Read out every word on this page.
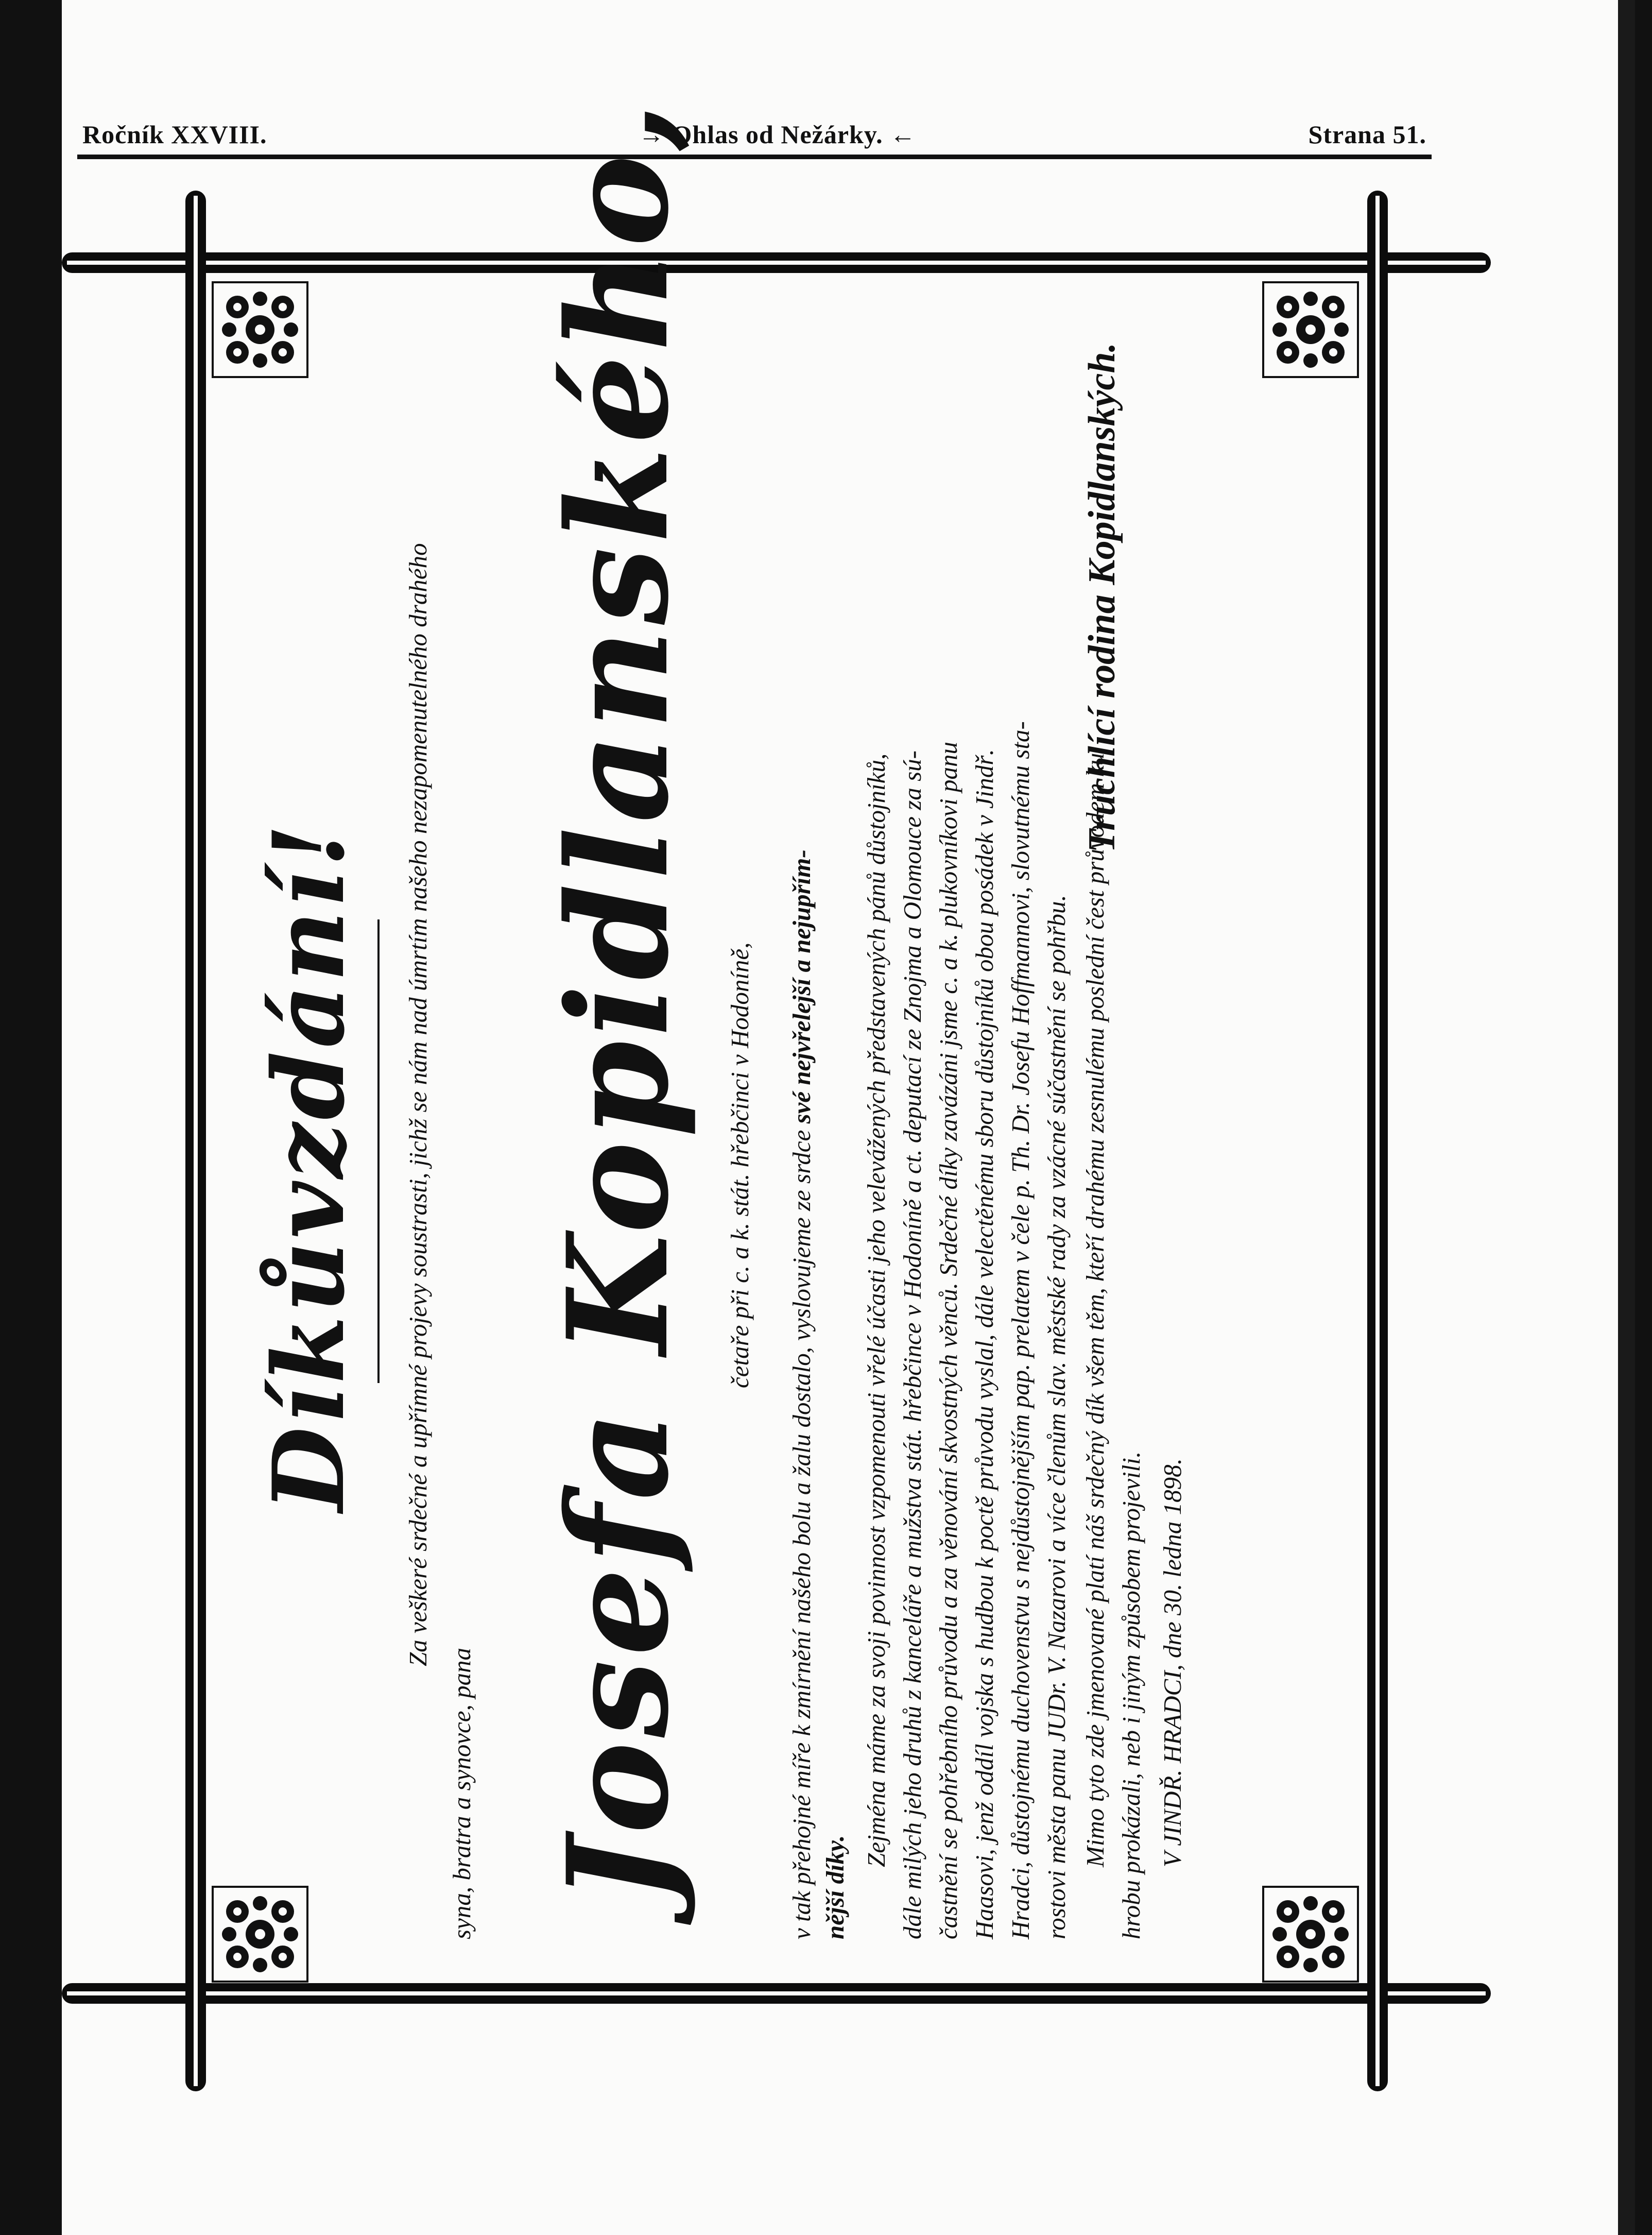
Ročník XXVIII.	→ Ohlas od Nežárky. ←	Strana 51.
Díkůvzdání! Za veškeré srdečné a upřímné projevy soustrasti, jichž se nám nad úmrtím našeho nezapomenutelného drahého
syna, bratra a synovce, pana Josefa Kopidlanského, četaře při c. a k. stát. hřebčinci v Hodoníně, v tak přehojné míře k zmírnění našeho bolu a žalu dostalo, vyslovujeme ze srdce své nejvřelejší a nejupřím-
nější díky.
Zejména máme za svoji povinnost vzpomenouti vřelé účasti jeho velevážených představených pánů důstojníků, dále milých jeho druhů z kanceláře a mužstva stát. hřebčince v Hodoníně a ct. deputací ze Znojma a Olomouce za sú- častnění se pohřebního průvodu a za věnování skvostných věnců. Srdečné díky zavázáni jsme c. a k. plukovníkovi panu Haasovi, jenž oddíl vojska s hudbou k poctě průvodu vyslal, dále velectěnému sboru důstojníků obou posádek v Jindř. Hradci, důstojnému duchovenstvu s nejdůstojnějším pap. prelatem v čele p. Th. Dr. Josefu Hoffmannovi, slovutnému sta- rostovi města panu JUDr. V. Nazarovi a více členům slav. městské rady za vzácné súčastnění se pohřbu. Mimo tyto zde jmenované platí náš srdečný dík všem těm, kteří drahému zesnulému poslední čest průvodem ku hrobu prokázali, neb i jiným způsobem projevili. V JINDŘ. HRADCI, dne 30. ledna 1898.
Truchlící rodina Kopidlanských.
